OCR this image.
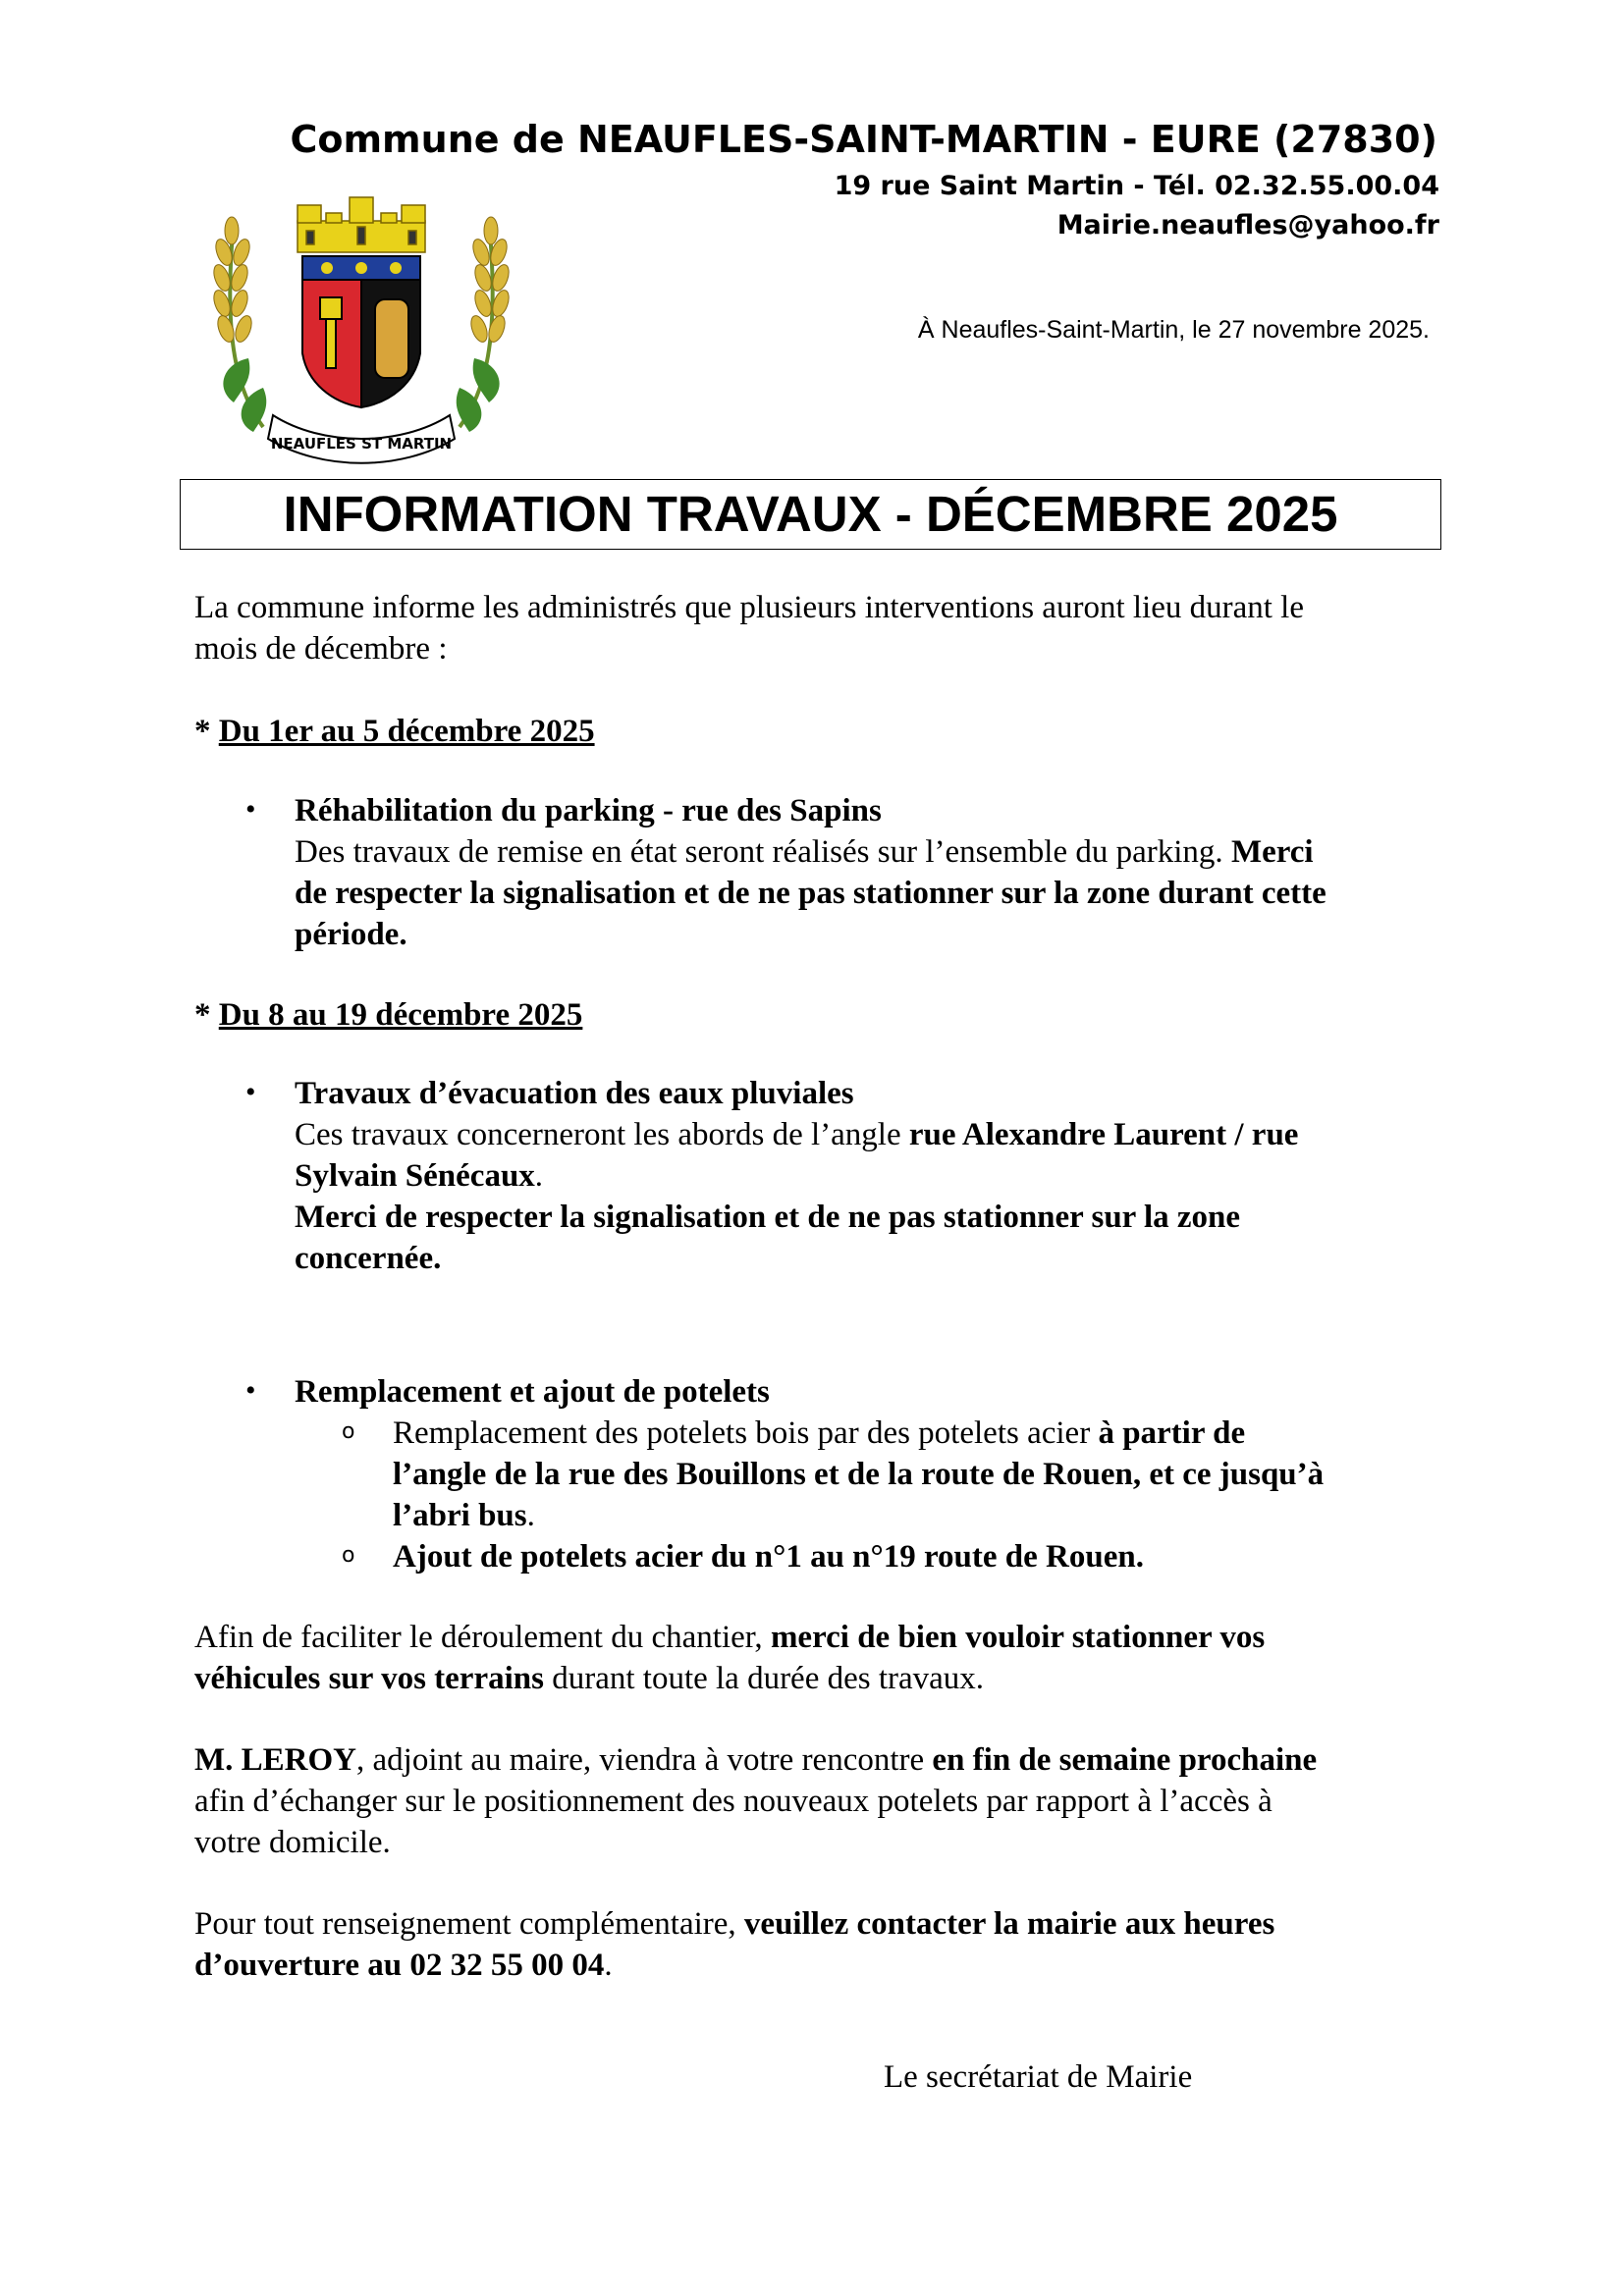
Commune de NEAUFLES-SAINT-MARTIN - EURE (27830)
19 rue Saint Martin - Tél. 02.32.55.00.04
Mairie.neaufles@yahoo.fr
À Neaufles-Saint-Martin, le 27 novembre 2025.
NEAUFLES ST MARTIN
INFORMATION TRAVAUX - DÉCEMBRE 2025
La commune informe les administrés que plusieurs interventions auront lieu durant le
mois de décembre :
* Du 1er au 5 décembre 2025
• Réhabilitation du parking - rue des Sapins
Des travaux de remise en état seront réalisés sur l’ensemble du parking. Merci
de respecter la signalisation et de ne pas stationner sur la zone durant cette
période.
* Du 8 au 19 décembre 2025
• Travaux d’évacuation des eaux pluviales
Ces travaux concerneront les abords de l’angle rue Alexandre Laurent / rue
Sylvain Sénécaux.
Merci de respecter la signalisation et de ne pas stationner sur la zone
concernée.
• Remplacement et ajout de potelets
o Remplacement des potelets bois par des potelets acier à partir de
l’angle de la rue des Bouillons et de la route de Rouen, et ce jusqu’à
l’abri bus.
o Ajout de potelets acier du n°1 au n°19 route de Rouen.
Afin de faciliter le déroulement du chantier, merci de bien vouloir stationner vos
véhicules sur vos terrains durant toute la durée des travaux.
M. LEROY, adjoint au maire, viendra à votre rencontre en fin de semaine prochaine
afin d’échanger sur le positionnement des nouveaux potelets par rapport à l’accès à
votre domicile.
Pour tout renseignement complémentaire, veuillez contacter la mairie aux heures
d’ouverture au 02 32 55 00 04.
Le secrétariat de Mairie
